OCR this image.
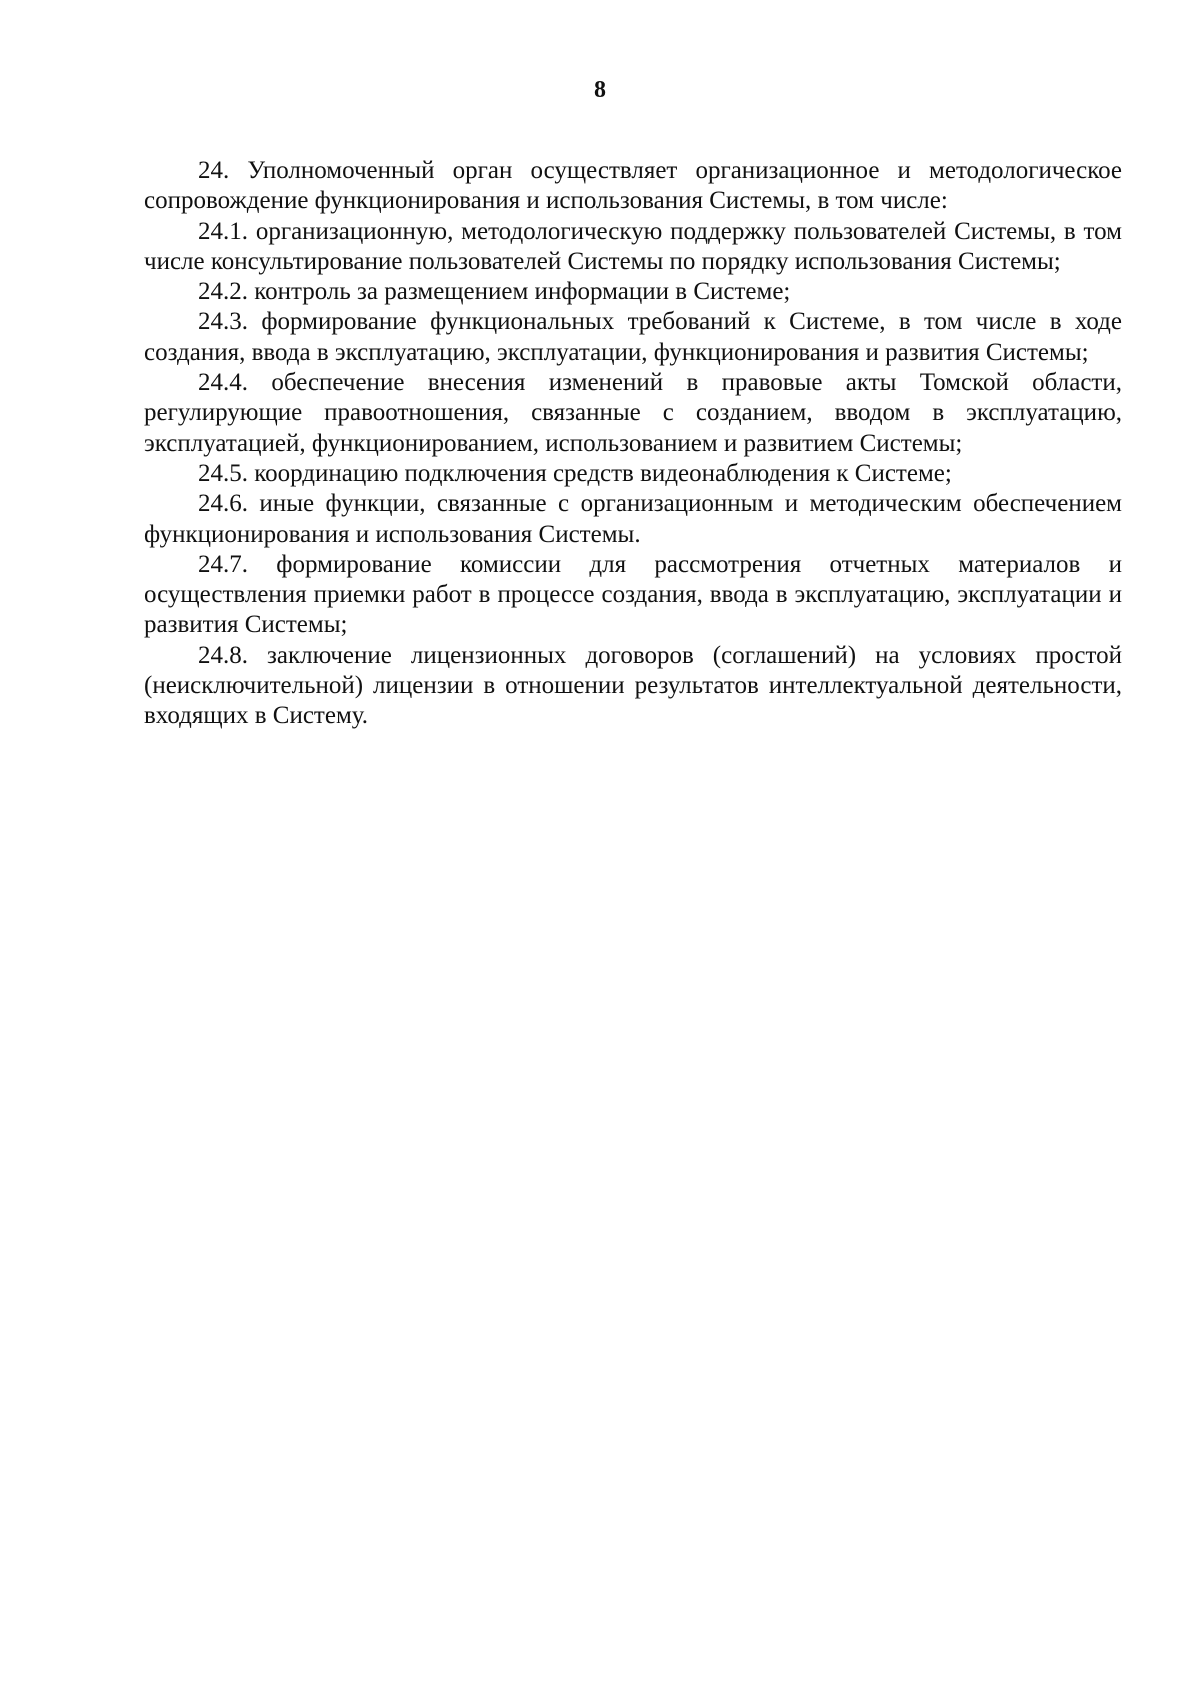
8

24. Уполномоченный орган осуществляет организационное и методологическое сопровождение функционирования и использования Системы, в том числе:

24.1. организационную, методологическую поддержку пользователей Системы, в том числе консультирование пользователей Системы по порядку использования Системы;

24.2. контроль за размещением информации в Системе;

24.3. формирование функциональных требований к Системе, в том числе в ходе создания, ввода в эксплуатацию, эксплуатации, функционирования и развития Системы;

24.4. обеспечение внесения изменений в правовые акты Томской области, регулирующие правоотношения, связанные с созданием, вводом в эксплуатацию, эксплуатацией, функционированием, использованием и развитием Системы;

24.5. координацию подключения средств видеонаблюдения к Системе;

24.6. иные функции, связанные с организационным и методическим обеспечением функционирования и использования Системы.

24.7. формирование комиссии для рассмотрения отчетных материалов и осуществления приемки работ в процессе создания, ввода в эксплуатацию, эксплуатации и развития Системы;

24.8. заключение лицензионных договоров (соглашений) на условиях простой (неисключительной) лицензии в отношении результатов интеллектуальной деятельности, входящих в Систему.
